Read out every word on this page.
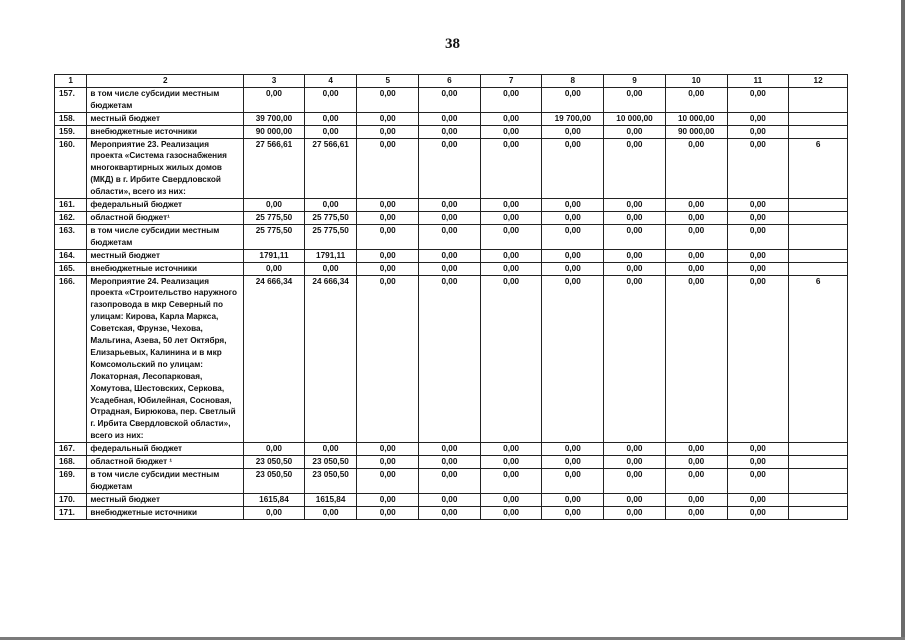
38
1	2	3	4	5	6	7	8	9	10	11	12
157.	в том числе субсидии местным бюджетам	0,00	0,00	0,00	0,00	0,00	0,00	0,00	0,00	0,00	
158.	местный бюджет	39 700,00	0,00	0,00	0,00	0,00	19 700,00	10 000,00	10 000,00	0,00	
159.	внебюджетные источники	90 000,00	0,00	0,00	0,00	0,00	0,00	0,00	90 000,00	0,00	
160.	Мероприятие 23. Реализация проекта «Система газоснабжения многоквартирных жилых домов (МКД) в г. Ирбите Свердловской области», всего из них:	27 566,61	27 566,61	0,00	0,00	0,00	0,00	0,00	0,00	0,00	6
161.	федеральный бюджет	0,00	0,00	0,00	0,00	0,00	0,00	0,00	0,00	0,00	
162.	областной бюджет¹	25 775,50	25 775,50	0,00	0,00	0,00	0,00	0,00	0,00	0,00	
163.	в том числе субсидии местным бюджетам	25 775,50	25 775,50	0,00	0,00	0,00	0,00	0,00	0,00	0,00	
164.	местный бюджет	1791,11	1791,11	0,00	0,00	0,00	0,00	0,00	0,00	0,00	
165.	внебюджетные источники	0,00	0,00	0,00	0,00	0,00	0,00	0,00	0,00	0,00	
166.	Мероприятие 24. Реализация проекта «Строительство наружного газопровода в мкр Северный по улицам: Кирова, Карла Маркса, Советская, Фрунзе, Чехова, Мальгина, Азева, 50 лет Октября, Елизарьевых, Калинина и в мкр Комсомольский по улицам: Локаторная, Лесопарковая, Хомутова, Шестовских, Серкова, Усадебная, Юбилейная, Сосновая, Отрадная, Бирюкова, пер. Светлый г. Ирбита Свердловской области», всего из них:	24 666,34	24 666,34	0,00	0,00	0,00	0,00	0,00	0,00	0,00	6
167.	федеральный бюджет	0,00	0,00	0,00	0,00	0,00	0,00	0,00	0,00	0,00	
168.	областной бюджет ¹	23 050,50	23 050,50	0,00	0,00	0,00	0,00	0,00	0,00	0,00	
169.	в том числе субсидии местным бюджетам	23 050,50	23 050,50	0,00	0,00	0,00	0,00	0,00	0,00	0,00	
170.	местный бюджет	1615,84	1615,84	0,00	0,00	0,00	0,00	0,00	0,00	0,00	
171.	внебюджетные источники	0,00	0,00	0,00	0,00	0,00	0,00	0,00	0,00	0,00	
